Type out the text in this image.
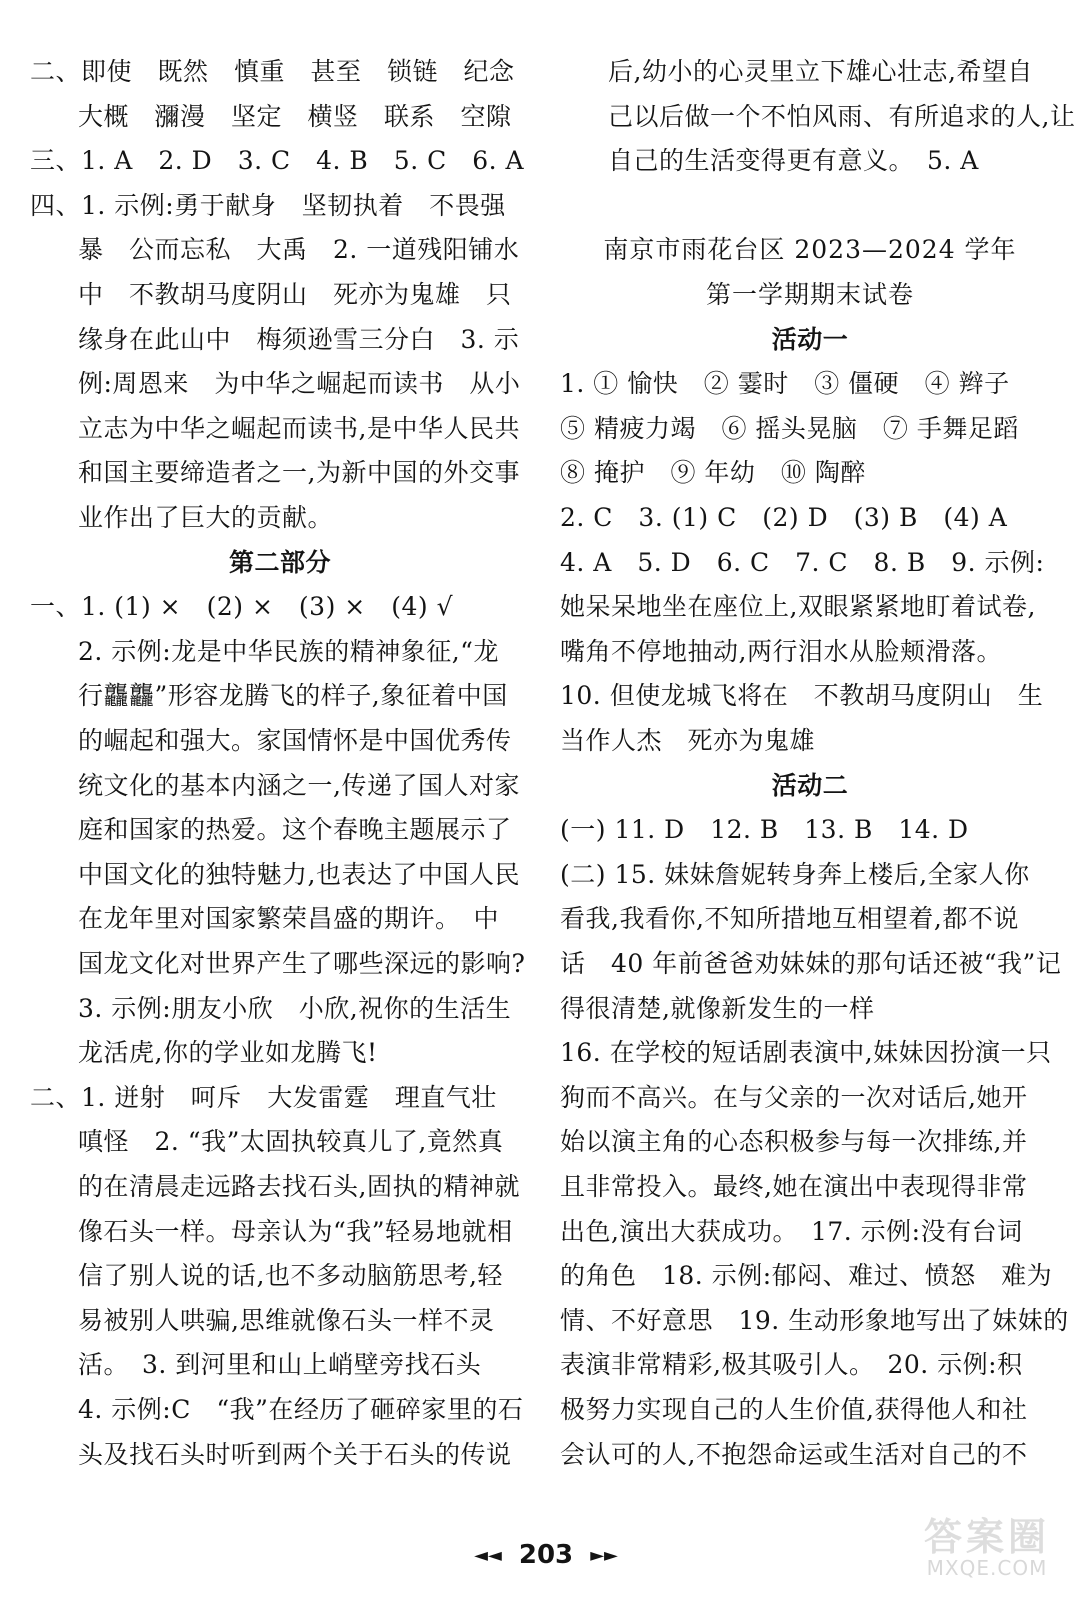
二、即使　既然　慎重　甚至　锁链　纪念
大概　瀰漫　坚定　横竖　联系　空隙
三、1. A　2. D　3. C　4. B　5. C　6. A
四、1. 示例:勇于献身　坚韧执着　不畏强
暴　公而忘私　大禹　2. 一道残阳铺水
中　不教胡马度阴山　死亦为鬼雄　只
缘身在此山中　梅须逊雪三分白　3. 示
例:周恩来　为中华之崛起而读书　从小
立志为中华之崛起而读书,是中华人民共
和国主要缔造者之一,为新中国的外交事
业作出了巨大的贡献。
第二部分
一、1. (1) ×　(2) ×　(3) ×　(4) √
2. 示例:龙是中华民族的精神象征,“龙
行龘龘”形容龙腾飞的样子,象征着中国
的崛起和强大。家国情怀是中国优秀传
统文化的基本内涵之一,传递了国人对家
庭和国家的热爱。这个春晚主题展示了
中国文化的独特魅力,也表达了中国人民
在龙年里对国家繁荣昌盛的期许。　中
国龙文化对世界产生了哪些深远的影响?
3. 示例:朋友小欣　小欣,祝你的生活生
龙活虎,你的学业如龙腾飞!
二、1. 迸射　呵斥　大发雷霆　理直气壮
嗔怪　2. “我”太固执较真儿了,竟然真
的在清晨走远路去找石头,固执的精神就
像石头一样。母亲认为“我”轻易地就相
信了别人说的话,也不多动脑筋思考,轻
易被别人哄骗,思维就像石头一样不灵
活。　3. 到河里和山上峭壁旁找石头
4. 示例:C　“我”在经历了砸碎家里的石
头及找石头时听到两个关于石头的传说
后,幼小的心灵里立下雄心壮志,希望自
己以后做一个不怕风雨、有所追求的人,让
自己的生活变得更有意义。　5. A
南京市雨花台区 2023—2024 学年
第一学期期末试卷
活动一
1. ① 愉快　② 霎时　③ 僵硬　④ 辫子
⑤ 精疲力竭　⑥ 摇头晃脑　⑦ 手舞足蹈
⑧ 掩护　⑨ 年幼　⑩ 陶醉
2. C　3. (1) C　(2) D　(3) B　(4) A
4. A　5. D　6. C　7. C　8. B　9. 示例:
她呆呆地坐在座位上,双眼紧紧地盯着试卷,
嘴角不停地抽动,两行泪水从脸颊滑落。
10. 但使龙城飞将在　不教胡马度阴山　生
当作人杰　死亦为鬼雄
活动二
(一) 11. D　12. B　13. B　14. D
(二) 15. 妹妹詹妮转身奔上楼后,全家人你
看我,我看你,不知所措地互相望着,都不说
话　40 年前爸爸劝妹妹的那句话还被“我”记
得很清楚,就像新发生的一样
16. 在学校的短话剧表演中,妹妹因扮演一只
狗而不高兴。在与父亲的一次对话后,她开
始以演主角的心态积极参与每一次排练,并
且非常投入。最终,她在演出中表现得非常
出色,演出大获成功。　17. 示例:没有台词
的角色　18. 示例:郁闷、难过、愤怒　难为
情、不好意思　19. 生动形象地写出了妹妹的
表演非常精彩,极其吸引人。　20. 示例:积
极努力实现自己的人生价值,获得他人和社
会认可的人,不抱怨命运或生活对自己的不
◄◄ 203 ►►	答案圈
MXQE.COM
